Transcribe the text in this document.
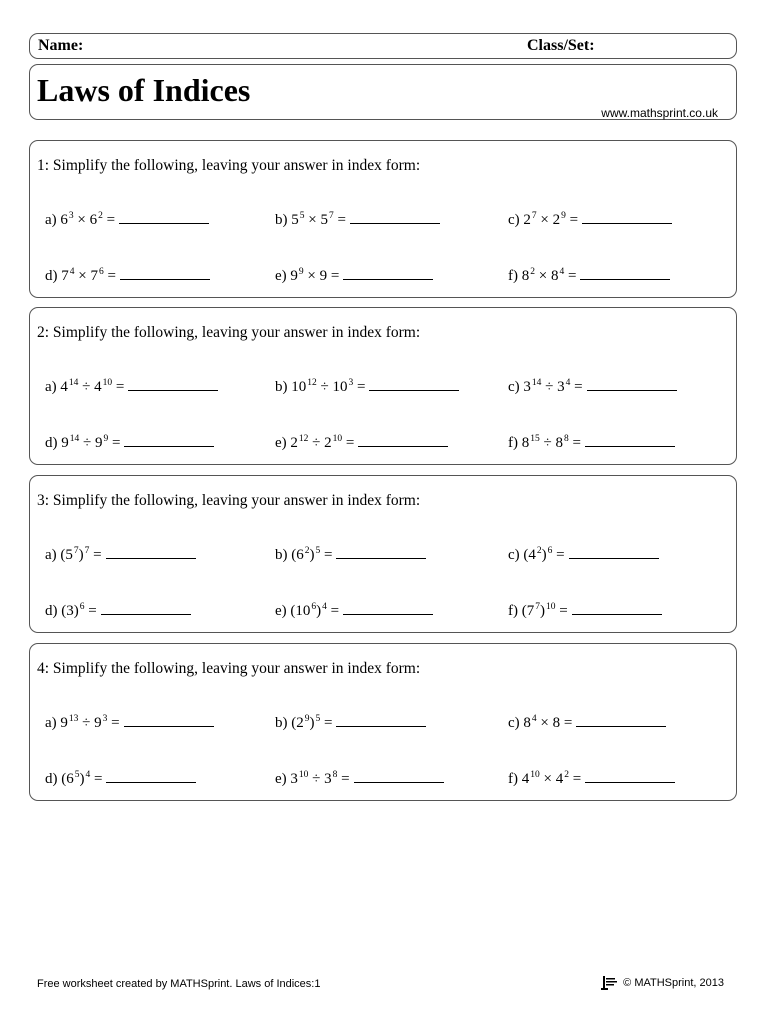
Name:	Class/Set:
Laws of Indices
www.mathsprint.co.uk

1: Simplify the following, leaving your answer in index form:

a) $6^3 \times 6^2$ =	b) $5^5 \times 5^7$ =	c) $2^7 \times 2^9$ =
d) $7^4 \times 7^6$ =	e) $9^9 \times 9$ =	f) $8^2 \times 8^4$ =

2: Simplify the following, leaving your answer in index form:

a) $4^{14} \div 4^{10}$ =	b) $10^{12} \div 10^3$ =	c) $3^{14} \div 3^4$ =
d) $9^{14} \div 9^9$ =	e) $2^{12} \div 2^{10}$ =	f) $8^{15} \div 8^8$ =

3: Simplify the following, leaving your answer in index form:

a) $(5^7)^7$ =	b) $(6^2)^5$ =	c) $(4^2)^6$ =
d) $(3)^6$ =	e) $(10^6)^4$ =	f) $(7^7)^{10}$ =

4: Simplify the following, leaving your answer in index form:

a) $9^{13} \div 9^3$ =	b) $(2^9)^5$ =	c) $8^4 \times 8$ =
d) $(6^5)^4$ =	e) $3^{10} \div 3^8$ =	f) $4^{10} \times 4^2$ =
Free worksheet created by MATHSprint. Laws of Indices:1	© MATHSprint, 2013
